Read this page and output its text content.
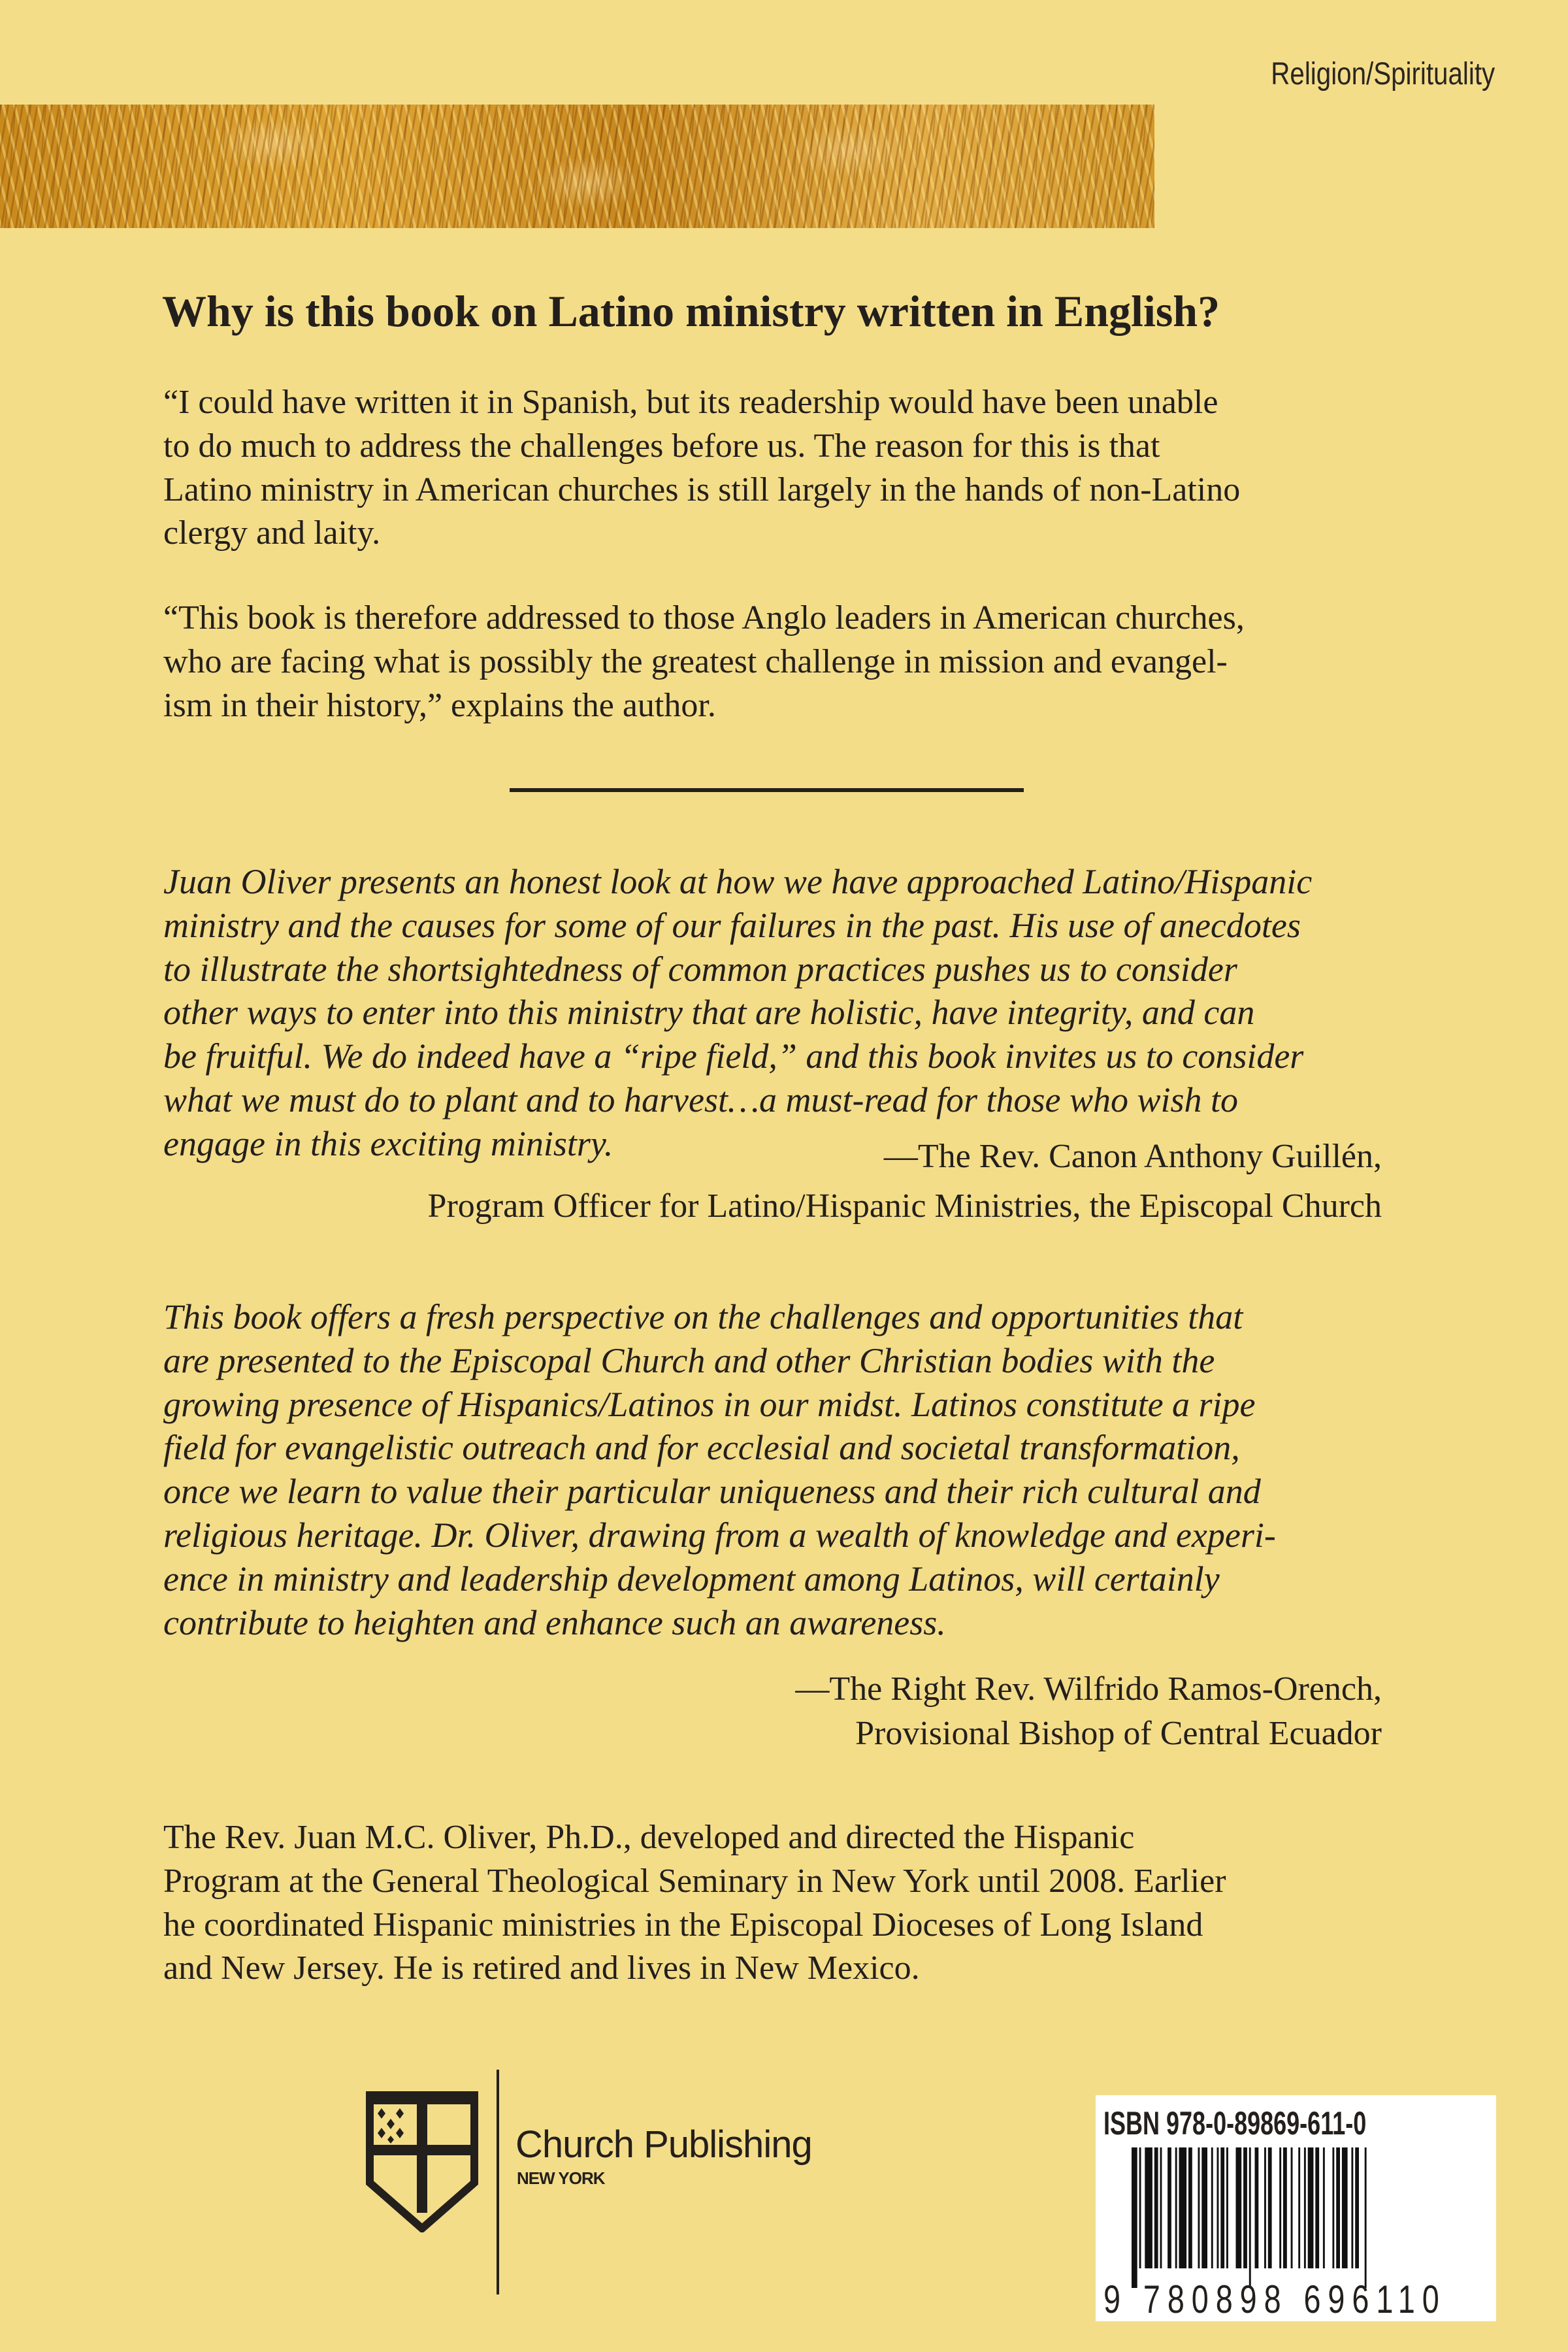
Religion/Spirituality
Why is this book on Latino ministry written in English?
“I could have written it in Spanish, but its readership would have been unable
to do much to address the challenges before us. The reason for this is that
Latino ministry in American churches is still largely in the hands of non-Latino
clergy and laity.
“This book is therefore addressed to those Anglo leaders in American churches,
who are facing what is possibly the greatest challenge in mission and evangel-
ism in their history,” explains the author.
Juan Oliver presents an honest look at how we have approached Latino/Hispanic
ministry and the causes for some of our failures in the past. His use of anecdotes
to illustrate the shortsightedness of common practices pushes us to consider
other ways to enter into this ministry that are holistic, have integrity, and can
be fruitful. We do indeed have a “ripe field,” and this book invites us to consider
what we must do to plant and to harvest…a must-read for those who wish to
engage in this exciting ministry.	—The Rev. Canon Anthony Guillén,
Program Officer for Latino/Hispanic Ministries, the Episcopal Church
This book offers a fresh perspective on the challenges and opportunities that
are presented to the Episcopal Church and other Christian bodies with the
growing presence of Hispanics/Latinos in our midst. Latinos constitute a ripe
field for evangelistic outreach and for ecclesial and societal transformation,
once we learn to value their particular uniqueness and their rich cultural and
religious heritage. Dr. Oliver, drawing from a wealth of knowledge and experi-
ence in ministry and leadership development among Latinos, will certainly
contribute to heighten and enhance such an awareness.
—The Right Rev. Wilfrido Ramos-Orench,
Provisional Bishop of Central Ecuador
The Rev. Juan M.C. Oliver, Ph.D., developed and directed the Hispanic
Program at the General Theological Seminary in New York until 2008. Earlier
he coordinated Hispanic ministries in the Episcopal Dioceses of Long Island
and New Jersey. He is retired and lives in New Mexico.
Church Publishing
NEW YORK
ISBN 978-0-89869-611-0
9 780898 696110
